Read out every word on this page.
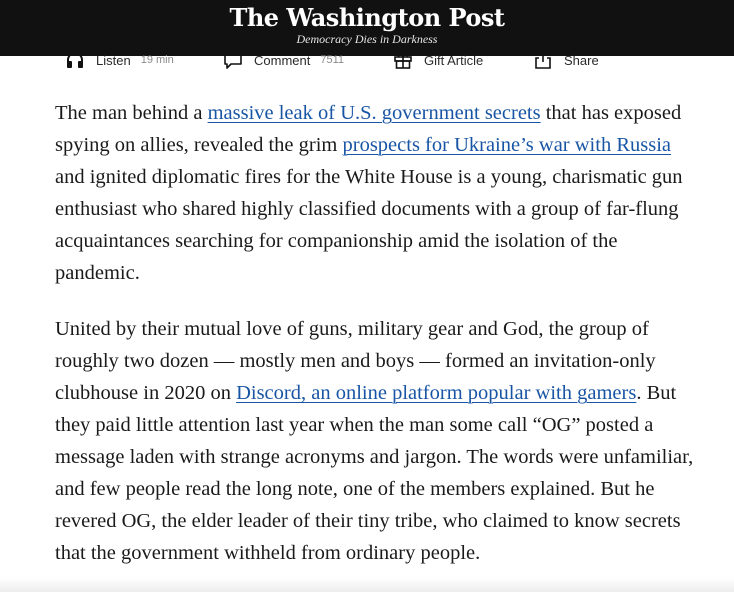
The Washington Post
Democracy Dies in Darkness
Listen 19 min	Comment 7511	Gift Article	Share

The man behind a massive leak of U.S. government secrets that has exposed spying on allies, revealed the grim prospects for Ukraine’s war with Russia and ignited diplomatic fires for the White House is a young, charismatic gun enthusiast who shared highly classified documents with a group of far-flung acquaintances searching for companionship amid the isolation of the pandemic.

United by their mutual love of guns, military gear and God, the group of roughly two dozen — mostly men and boys — formed an invitation-only clubhouse in 2020 on Discord, an online platform popular with gamers. But they paid little attention last year when the man some call “OG” posted a message laden with strange acronyms and jargon. The words were unfamiliar, and few people read the long note, one of the members explained. But he revered OG, the elder leader of their tiny tribe, who claimed to know secrets that the government withheld from ordinary people.
